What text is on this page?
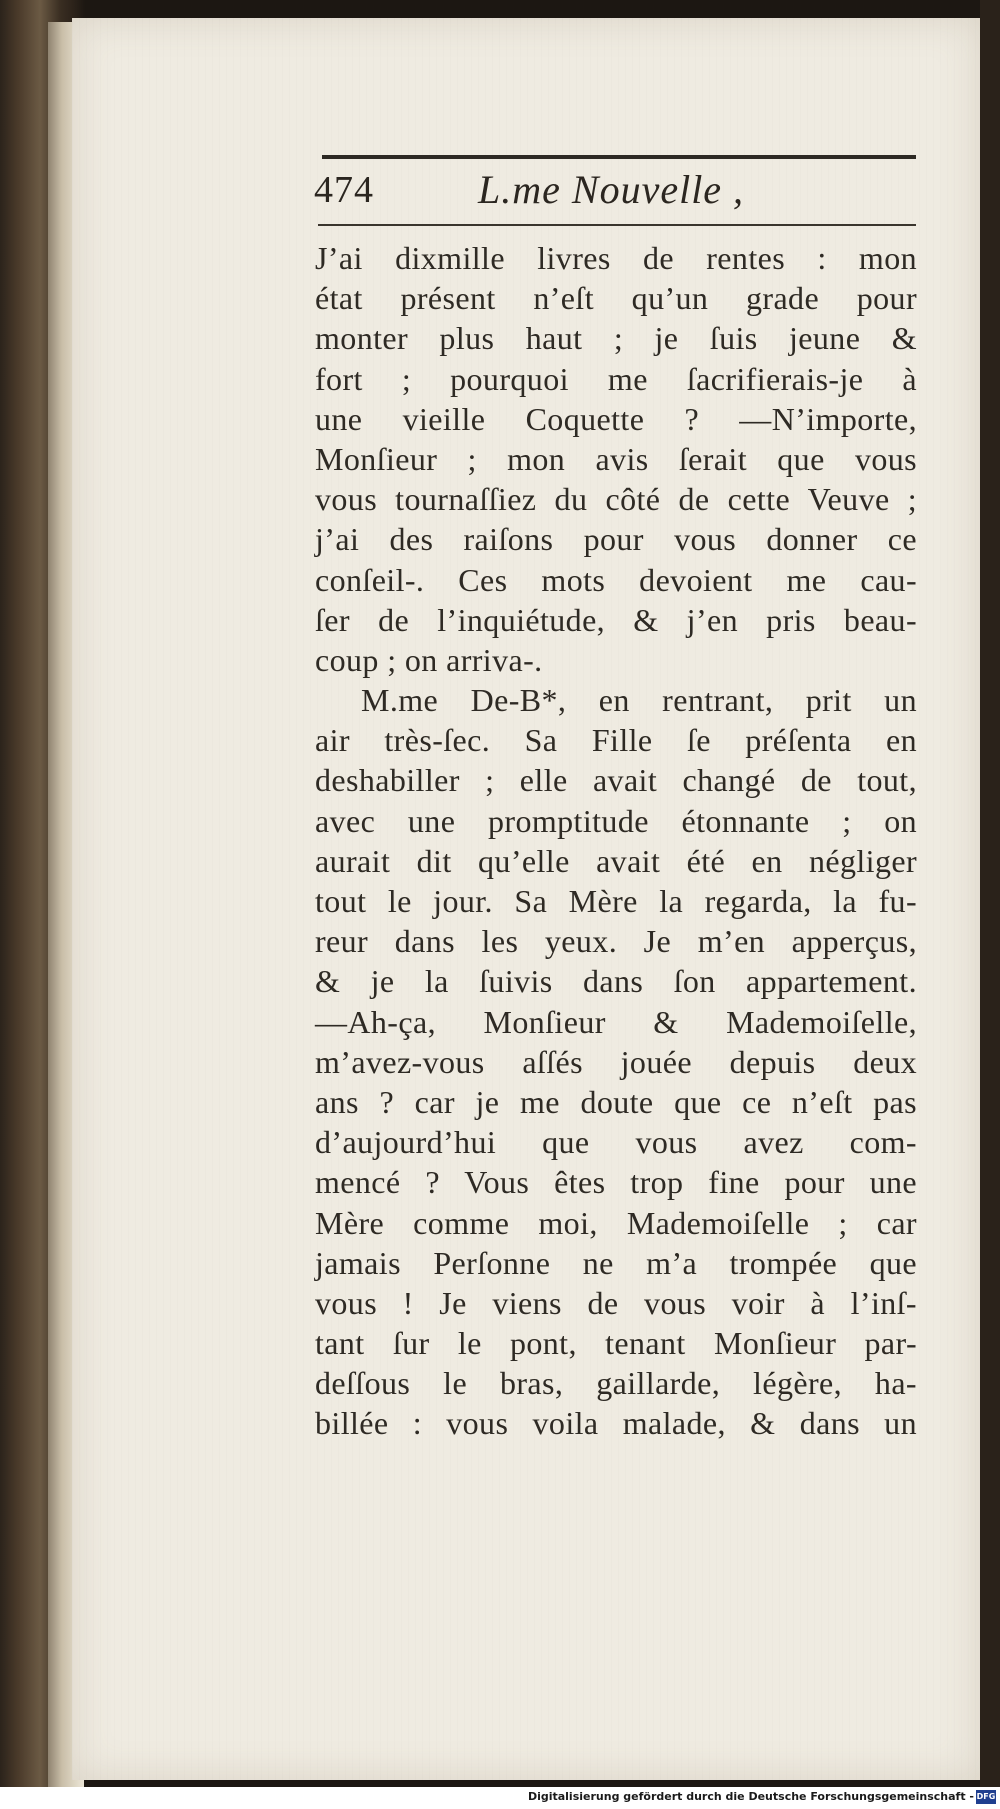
474	L.me Nouvelle ,
J’ai dixmille livres de rentes : mon
état présent n’eſt qu’un grade pour
monter plus haut ; je ſuis jeune &
fort ; pourquoi me ſacrifierais-je à
une vieille Coquette ? —N’importe,
Monſieur ; mon avis ſerait que vous
vous tournaſſiez du côté de cette Veuve ;
j’ai des raiſons pour vous donner ce
conſeil-. Ces mots devoient me cau-
ſer de l’inquiétude, & j’en pris beau-
coup ; on arriva-.
M.me De-B*, en rentrant, prit un
air très-ſec. Sa Fille ſe préſenta en
deshabiller ; elle avait changé de tout,
avec une promptitude étonnante ; on
aurait dit qu’elle avait été en négliger
tout le jour. Sa Mère la regarda, la fu-
reur dans les yeux. Je m’en apperçus,
& je la ſuivis dans ſon appartement.
—Ah-ça, Monſieur & Mademoiſelle,
m’avez-vous aſſés jouée depuis deux
ans ? car je me doute que ce n’eſt pas
d’aujourd’hui que vous avez com-
mencé ? Vous êtes trop fine pour une
Mère comme moi, Mademoiſelle ; car
jamais Perſonne ne m’a trompée que
vous ! Je viens de vous voir à l’inſ-
tant ſur le pont, tenant Monſieur par-
deſſous le bras, gaillarde, légère, ha-
billée : vous voila malade, & dans un
Digitalisierung gefördert durch die Deutsche Forschungsgemeinschaft - DFG
